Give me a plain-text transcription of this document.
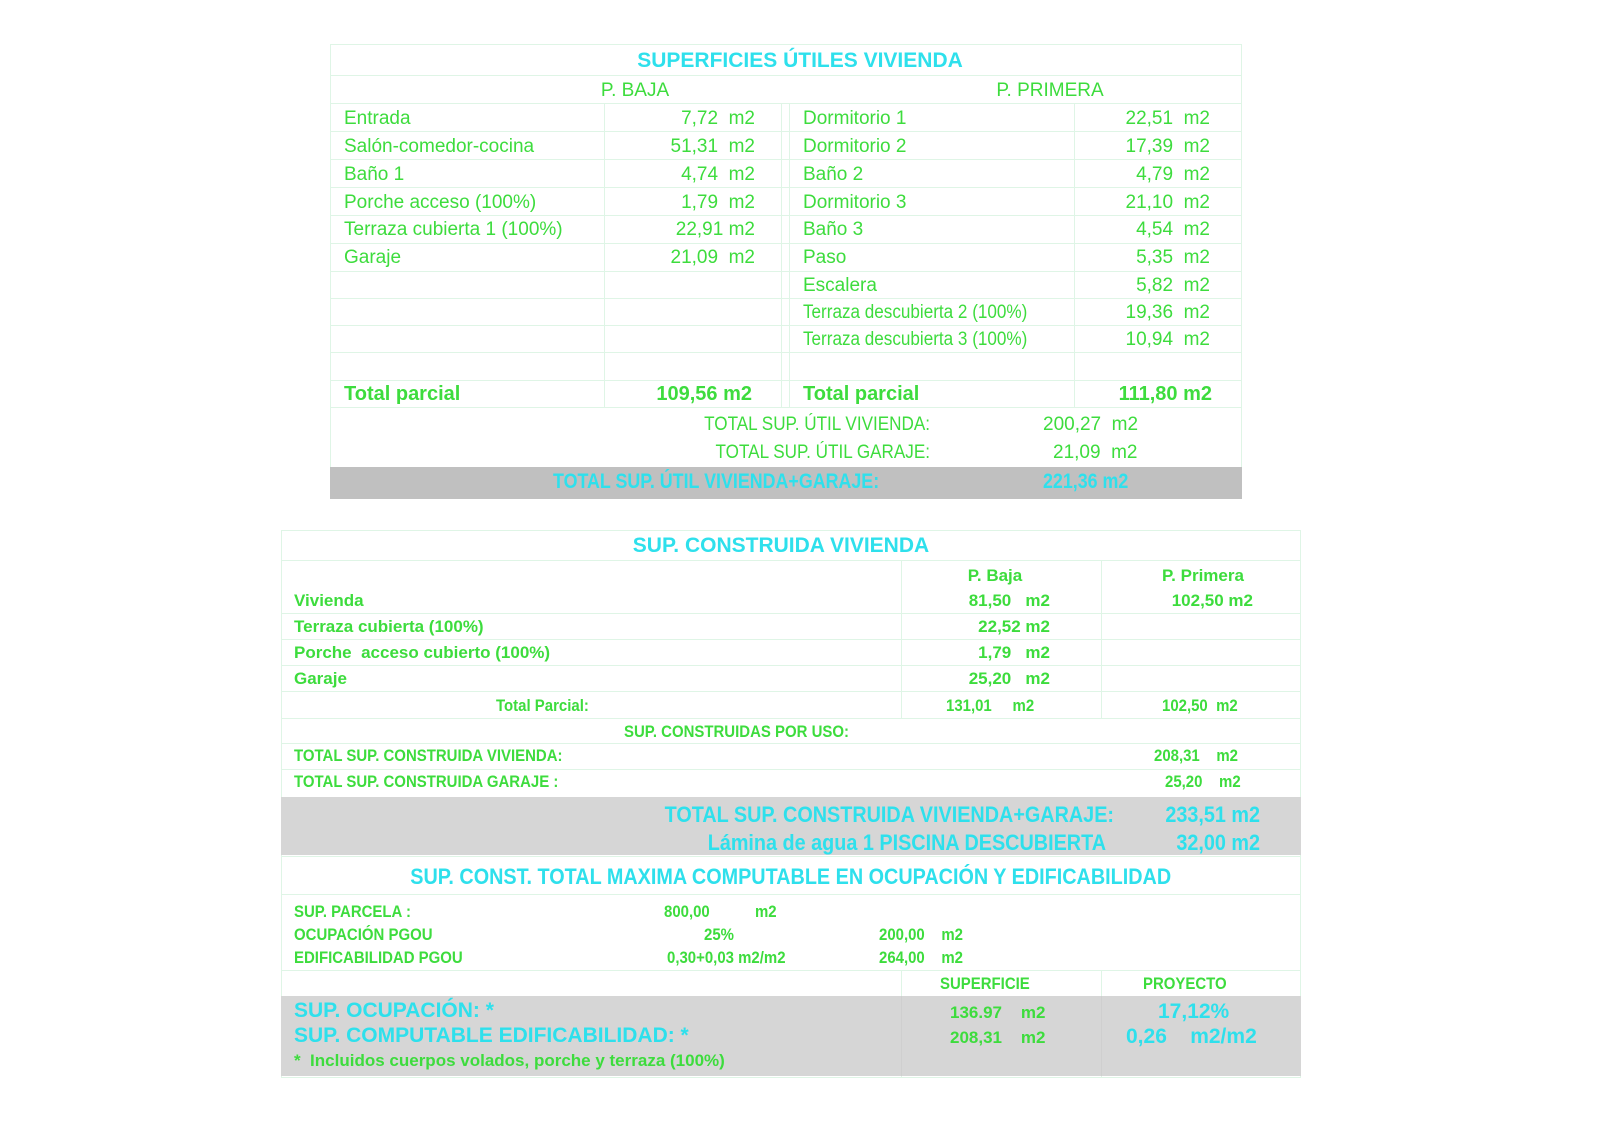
SUPERFICIES ÚTILES VIVIENDA
P. BAJA	P. PRIMERA
Entrada	7,72  m2
Salón-comedor-cocina	51,31  m2
Baño 1	4,74  m2
Porche acceso (100%)	1,79  m2
Terraza cubierta 1 (100%)	22,91 m2
Garaje	21,09  m2
Dormitorio 1	22,51  m2
Dormitorio 2	17,39  m2
Baño 2	4,79  m2
Dormitorio 3	21,10  m2
Baño 3	4,54  m2
Paso	5,35  m2
Escalera	5,82  m2
Terraza descubierta 2 (100%)	19,36  m2
Terraza descubierta 3 (100%)	10,94  m2
Total parcial	109,56 m2	Total parcial	111,80 m2
TOTAL SUP. ÚTIL VIVIENDA:	200,27  m2
TOTAL SUP. ÚTIL GARAJE:	21,09  m2
TOTAL SUP. ÚTIL VIVIENDA+GARAJE:	221,36 m2
SUP. CONSTRUIDA VIVIENDA
P. Baja	P. Primera
Vivienda	81,50   m2	102,50 m2
Terraza cubierta (100%)	22,52 m2
Porche  acceso cubierto (100%)	1,79   m2
Garaje	25,20   m2
Total Parcial:	131,01     m2	102,50  m2
SUP. CONSTRUIDAS POR USO:
TOTAL SUP. CONSTRUIDA VIVIENDA:	208,31    m2
TOTAL SUP. CONSTRUIDA GARAJE :	25,20    m2
TOTAL SUP. CONSTRUIDA VIVIENDA+GARAJE:	233,51 m2
Lámina de agua 1 PISCINA DESCUBIERTA	32,00 m2
SUP. CONST. TOTAL MAXIMA COMPUTABLE EN OCUPACIÓN Y EDIFICABILIDAD
SUP. PARCELA :	800,00	m2
OCUPACIÓN PGOU	25%	200,00    m2
EDIFICABILIDAD PGOU	0,30+0,03 m2/m2	264,00    m2
SUPERFICIE	PROYECTO
SUP. OCUPACIÓN: *	136.97    m2	17,12%
SUP. COMPUTABLE EDIFICABILIDAD: *	208,31    m2	0,26    m2/m2
*  Incluidos cuerpos volados, porche y terraza (100%)
